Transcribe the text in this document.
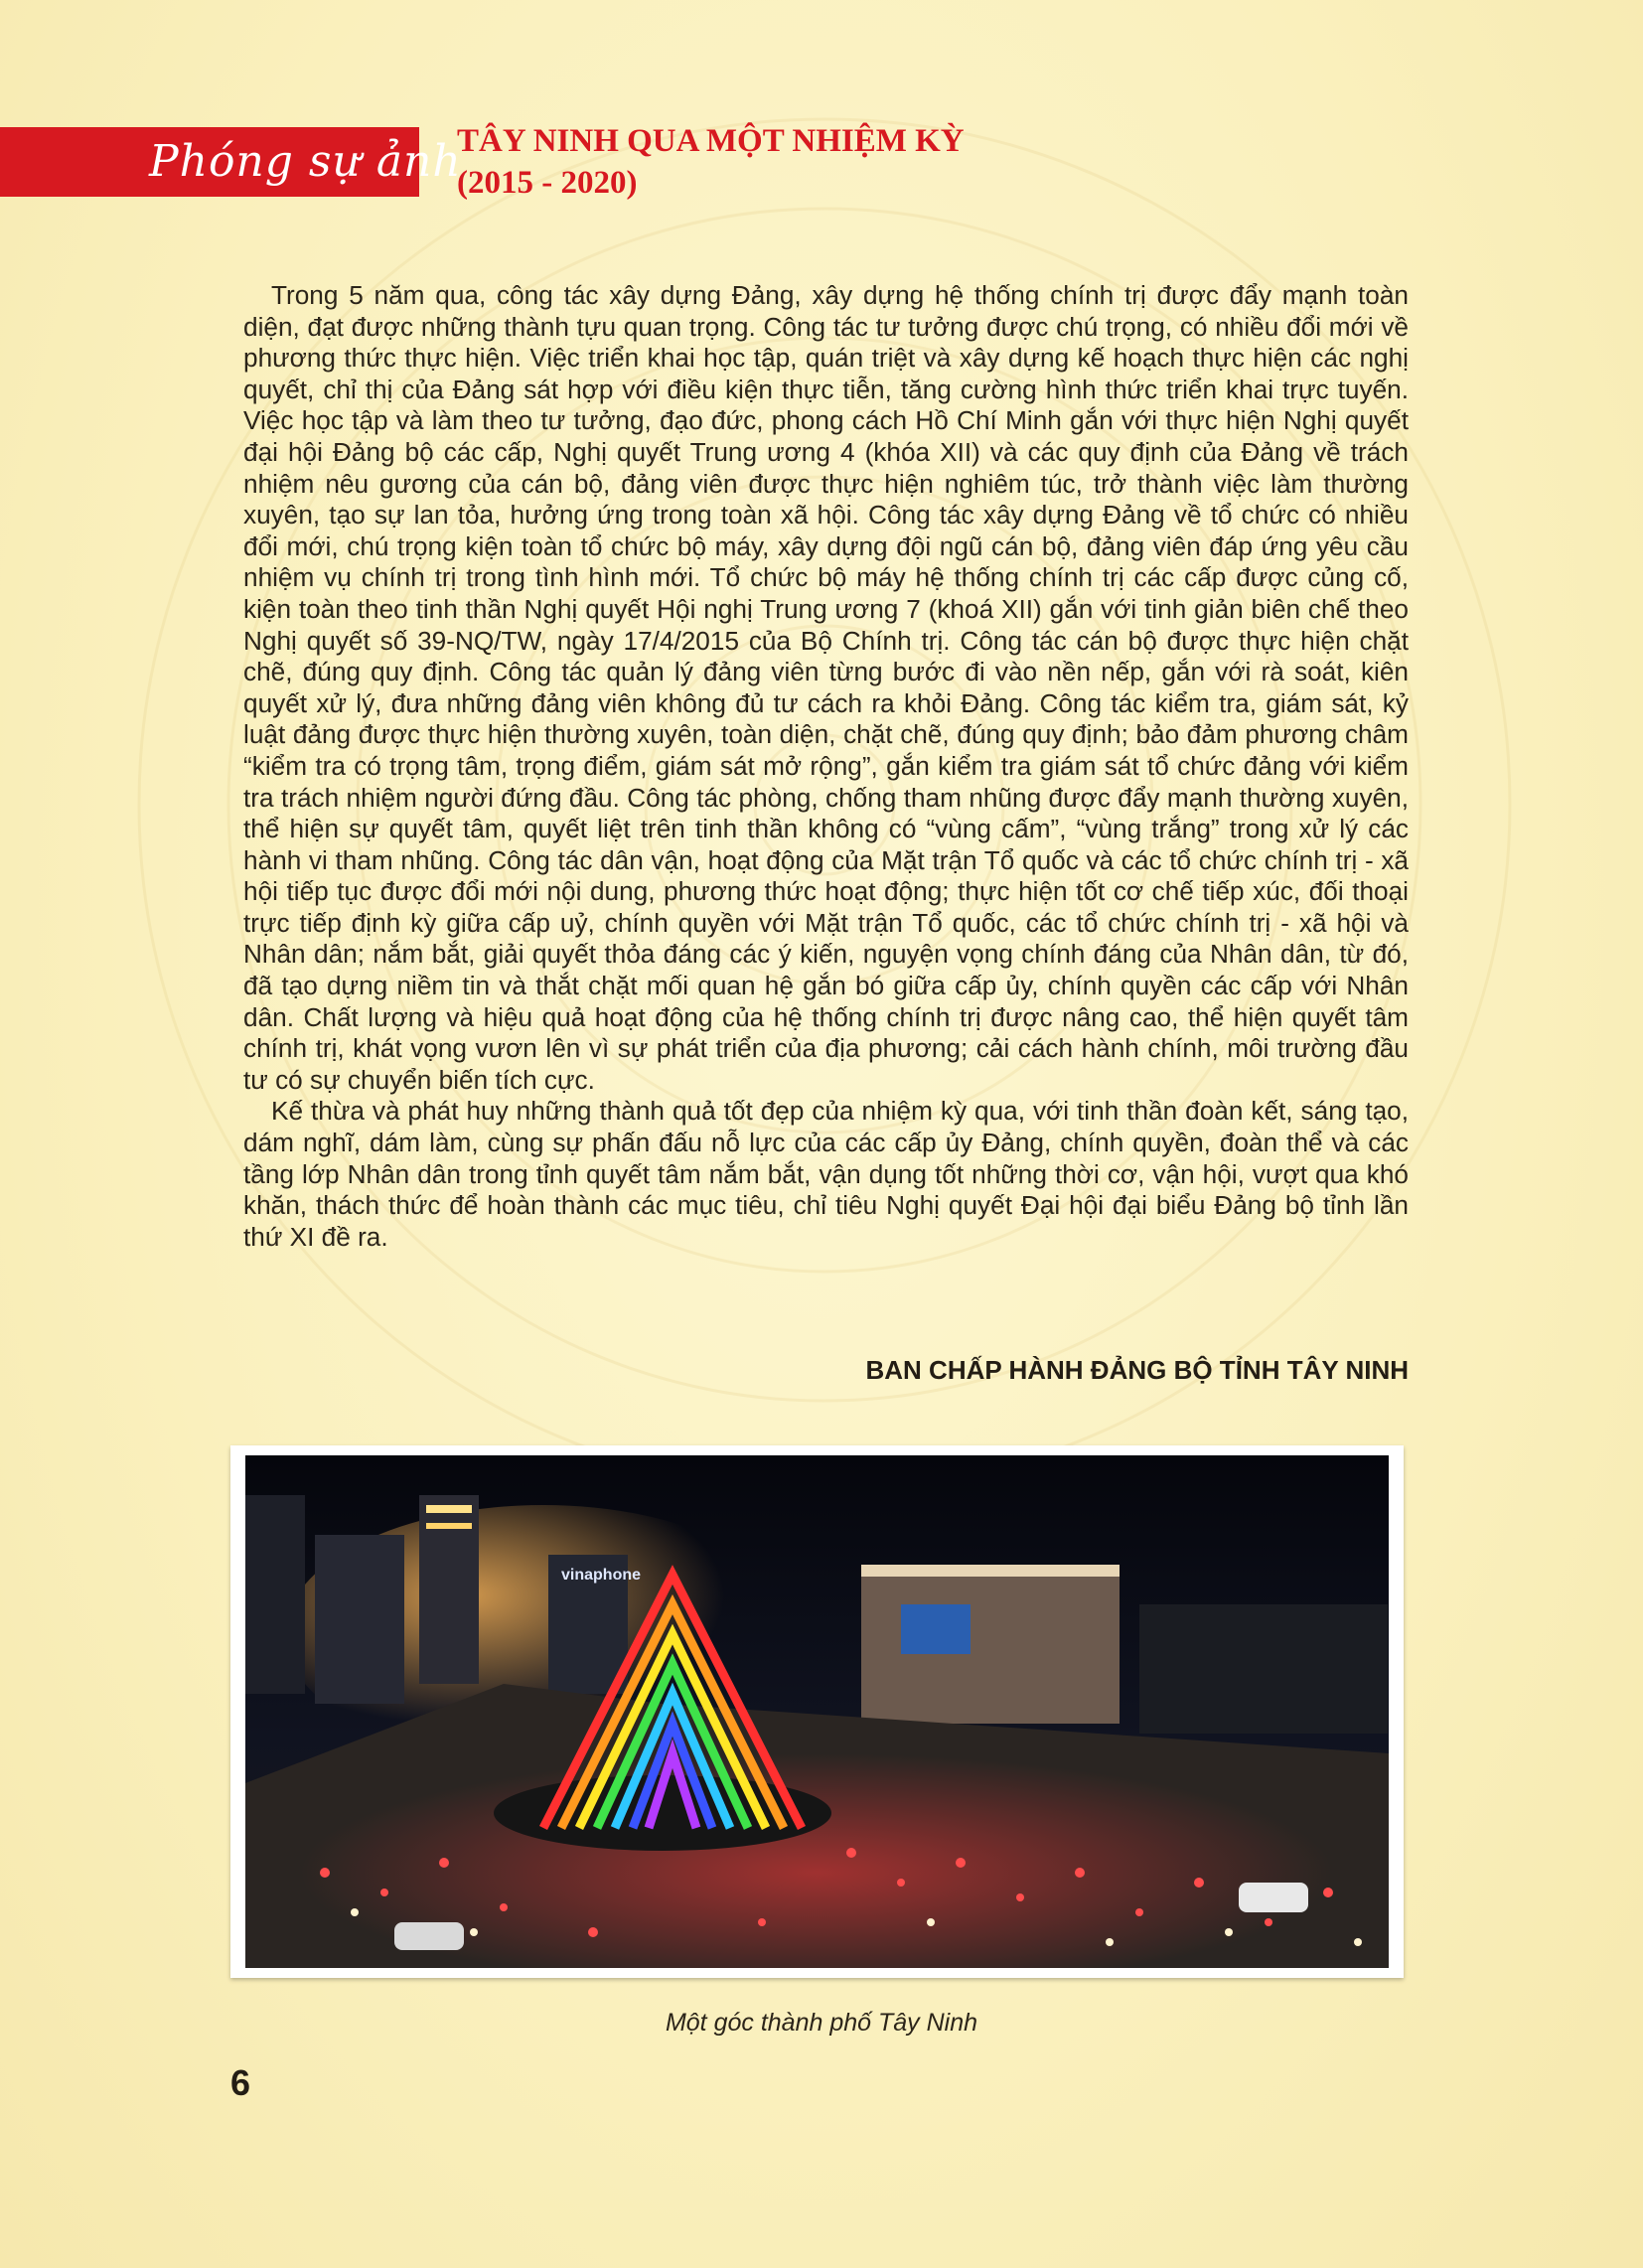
Phóng sự ảnh
TÂY NINH QUA MỘT NHIỆM KỲ
(2015 - 2020)

Trong 5 năm qua, công tác xây dựng Đảng, xây dựng hệ thống chính trị được đẩy mạnh toàn diện, đạt được những thành tựu quan trọng. Công tác tư tưởng được chú trọng, có nhiều đổi mới về phương thức thực hiện. Việc triển khai học tập, quán triệt và xây dựng kế hoạch thực hiện các nghị quyết, chỉ thị của Đảng sát hợp với điều kiện thực tiễn, tăng cường hình thức triển khai trực tuyến. Việc học tập và làm theo tư tưởng, đạo đức, phong cách Hồ Chí Minh gắn với thực hiện Nghị quyết đại hội Đảng bộ các cấp, Nghị quyết Trung ương 4 (khóa XII) và các quy định của Đảng về trách nhiệm nêu gương của cán bộ, đảng viên được thực hiện nghiêm túc, trở thành việc làm thường xuyên, tạo sự lan tỏa, hưởng ứng trong toàn xã hội. Công tác xây dựng Đảng về tổ chức có nhiều đổi mới, chú trọng kiện toàn tổ chức bộ máy, xây dựng đội ngũ cán bộ, đảng viên đáp ứng yêu cầu nhiệm vụ chính trị trong tình hình mới. Tổ chức bộ máy hệ thống chính trị các cấp được củng cố, kiện toàn theo tinh thần Nghị quyết Hội nghị Trung ương 7 (khoá XII) gắn với tinh giản biên chế theo Nghị quyết số 39-NQ/TW, ngày 17/4/2015 của Bộ Chính trị. Công tác cán bộ được thực hiện chặt chẽ, đúng quy định. Công tác quản lý đảng viên từng bước đi vào nền nếp, gắn với rà soát, kiên quyết xử lý, đưa những đảng viên không đủ tư cách ra khỏi Đảng. Công tác kiểm tra, giám sát, kỷ luật đảng được thực hiện thường xuyên, toàn diện, chặt chẽ, đúng quy định; bảo đảm phương châm “kiểm tra có trọng tâm, trọng điểm, giám sát mở rộng”, gắn kiểm tra giám sát tổ chức đảng với kiểm tra trách nhiệm người đứng đầu. Công tác phòng, chống tham nhũng được đẩy mạnh thường xuyên, thể hiện sự quyết tâm, quyết liệt trên tinh thần không có “vùng cấm”, “vùng trắng” trong xử lý các hành vi tham nhũng. Công tác dân vận, hoạt động của Mặt trận Tổ quốc và các tổ chức chính trị - xã hội tiếp tục được đổi mới nội dung, phương thức hoạt động; thực hiện tốt cơ chế tiếp xúc, đối thoại trực tiếp định kỳ giữa cấp uỷ, chính quyền với Mặt trận Tổ quốc, các tổ chức chính trị - xã hội và Nhân dân; nắm bắt, giải quyết thỏa đáng các ý kiến, nguyện vọng chính đáng của Nhân dân, từ đó, đã tạo dựng niềm tin và thắt chặt mối quan hệ gắn bó giữa cấp ủy, chính quyền các cấp với Nhân dân. Chất lượng và hiệu quả hoạt động của hệ thống chính trị được nâng cao, thể hiện quyết tâm chính trị, khát vọng vươn lên vì sự phát triển của địa phương; cải cách hành chính, môi trường đầu tư có sự chuyển biến tích cực.

Kế thừa và phát huy những thành quả tốt đẹp của nhiệm kỳ qua, với tinh thần đoàn kết, sáng tạo, dám nghĩ, dám làm, cùng sự phấn đấu nỗ lực của các cấp ủy Đảng, chính quyền, đoàn thể và các tầng lớp Nhân dân trong tỉnh quyết tâm nắm bắt, vận dụng tốt những thời cơ, vận hội, vượt qua khó khăn, thách thức để hoàn thành các mục tiêu, chỉ tiêu Nghị quyết Đại hội đại biểu Đảng bộ tỉnh lần thứ XI đề ra.

BAN CHẤP HÀNH ĐẢNG BỘ TỈNH TÂY NINH
vinaphone
Một góc thành phố Tây Ninh
6
